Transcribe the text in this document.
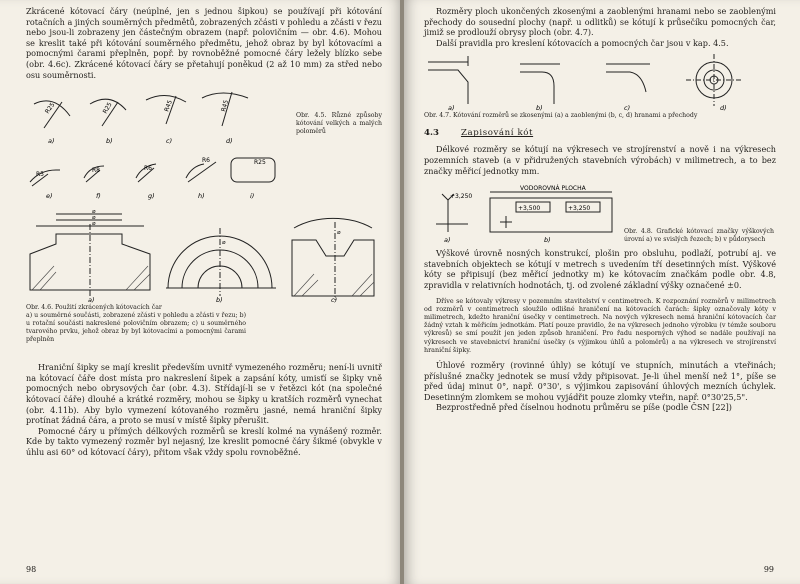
Zkrácené kótovací čáry (neúplné, jen s jednou šipkou) se používají při kótování rotačních a jiných souměrných předmětů, zobrazených zčásti v pohledu a zčásti v řezu nebo jsou-li zobrazeny jen částečným obrazem (např. polovičním — obr. 4.6). Mohou se kreslit také při kótování souměrného předmětu, jehož obraz by byl kótovacími a pomocnými čarami přeplněn, popř. by rovnoběžné pomocné čáry ležely blízko sebe (obr. 4.6c). Zkrácené kótovací čáry se přetahují poněkud (2 až 10 mm) za střed nebo osu souměrnosti.

R25	R25	R45	R45
a)	b)	c)	d)
R5
R8	R6
R6	R25
e)	f)	g)	h)	i)

Obr. 4.5. Různé způsoby kótování velkých a malých poloměrů

⌀
⌀
⌀
⌀
⌀
a)	b)	c)

Obr. 4.6. Použití zkrácených kótovacích čar

a) u souměrné součásti, zobrazené zčásti v pohledu a zčásti v řezu; b) u rotační součásti nakreslené polovičním obrazem; c) u souměrného tvarového prvku, jehož obraz by byl kótovacími a pomocnými čarami přeplněn

Hraniční šipky se mají kreslit především uvnitř vymezeného rozměru; není-li uvnitř na kótovací čáře dost místa pro nakreslení šipek a zapsání kóty, umisťí se šipky vně pomocných nebo obrysových čar (obr. 4.3). Střídají-li se v řetězci kót (na společné kótovací čáře) dlouhé a krátké rozměry, mohou se šipky u kratších rozměrů vynechat (obr. 4.11b). Aby bylo vymezení kótovaného rozměru jasné, nemá hraniční šipky protínat žádná čára, a proto se musí v místě šipky přerušit.

Pomocné čáry u přímých délkových rozměrů se kreslí kolmé na vynášený rozměr. Kde by takto vymezený rozměr byl nejasný, lze kreslit pomocné čáry šikmé (obvykle v úhlu asi 60° od kótovací čáry), přitom však vždy spolu rovnoběžné.

98

Rozměry ploch ukončených zkosenými a zaoblenými hranami nebo se zaoblenými přechody do sousední plochy (např. u odlitků) se kótují k průsečíku pomocných čar, jimiž se prodlouží obrysy ploch (obr. 4.7).

Další pravidla pro kreslení kótovacích a pomocných čar jsou v kap. 4.5.

a)	b)	c)	d)

Obr. 4.7. Kótování rozměrů se zkosenými (a) a zaoblenými (b, c, d) hranami a přechody

4.3	Zapisování kót

Délkové rozměry se kótují na výkresech ve strojírenství a nově i na výkresech pozemních staveb (a v přidružených stavebních výrobách) v milimetrech, a to bez značky měřicí jednotky mm.

VODOROVNÁ PLOCHA
+3,250
+3,500	+3,250
a)	b)

Obr. 4.8. Grafické kótovací značky výškových úrovní a) ve svislých řezech; b) v půdorysech

Výškové úrovně nosných konstrukcí, plošin pro obsluhu, podlaží, potrubí aj. ve stavebních objektech se kótují v metrech s uvedením tří desetinných míst. Výškové kóty se připisují (bez měřicí jednotky m) ke kótovacím značkám podle obr. 4.8, zpravidla v relativních hodnotách, tj. od zvolené základní výšky označené ±0.

Dříve se kótovaly výkresy v pozemním stavitelství v centimetrech. K rozpoznání rozměrů v milimetrech od rozměrů v centimetrech sloužilo odlišné hraničení na kótovacích čarách: šipky označovaly kóty v milimetrech, kdežto hraniční úsečky v centimetrech. Na nových výkresech nemá hraniční kótovacích čar žádný vztah k měřicím jednotkám. Platí pouze pravidlo, že na výkresech jednoho výrobku (v témže souboru výkresů) se smí použít jen jeden způsob hraničení. Pro řadu nesporných výhod se nadále používají na výkresech ve stavebnictví hraniční úsečky (s výjimkou úhlů a poloměrů) a na výkresech ve strojírenství hraniční šipky.

Úhlové rozměry (rovinné úhly) se kótují ve stupních, minutách a vteřinách; příslušné značky jednotek se musí vždy připisovat. Je-li úhel menší než 1°, píše se před údaj minut 0°, např. 0°30', s výjimkou zapisování úhlových mezních úchylek. Desetinným zlomkem se mohou vyjádřit pouze zlomky vteřin, např. 0°30'25,5".

Bezprostředně před číselnou hodnotu průměru se píše (podle ČSN [22])

99
